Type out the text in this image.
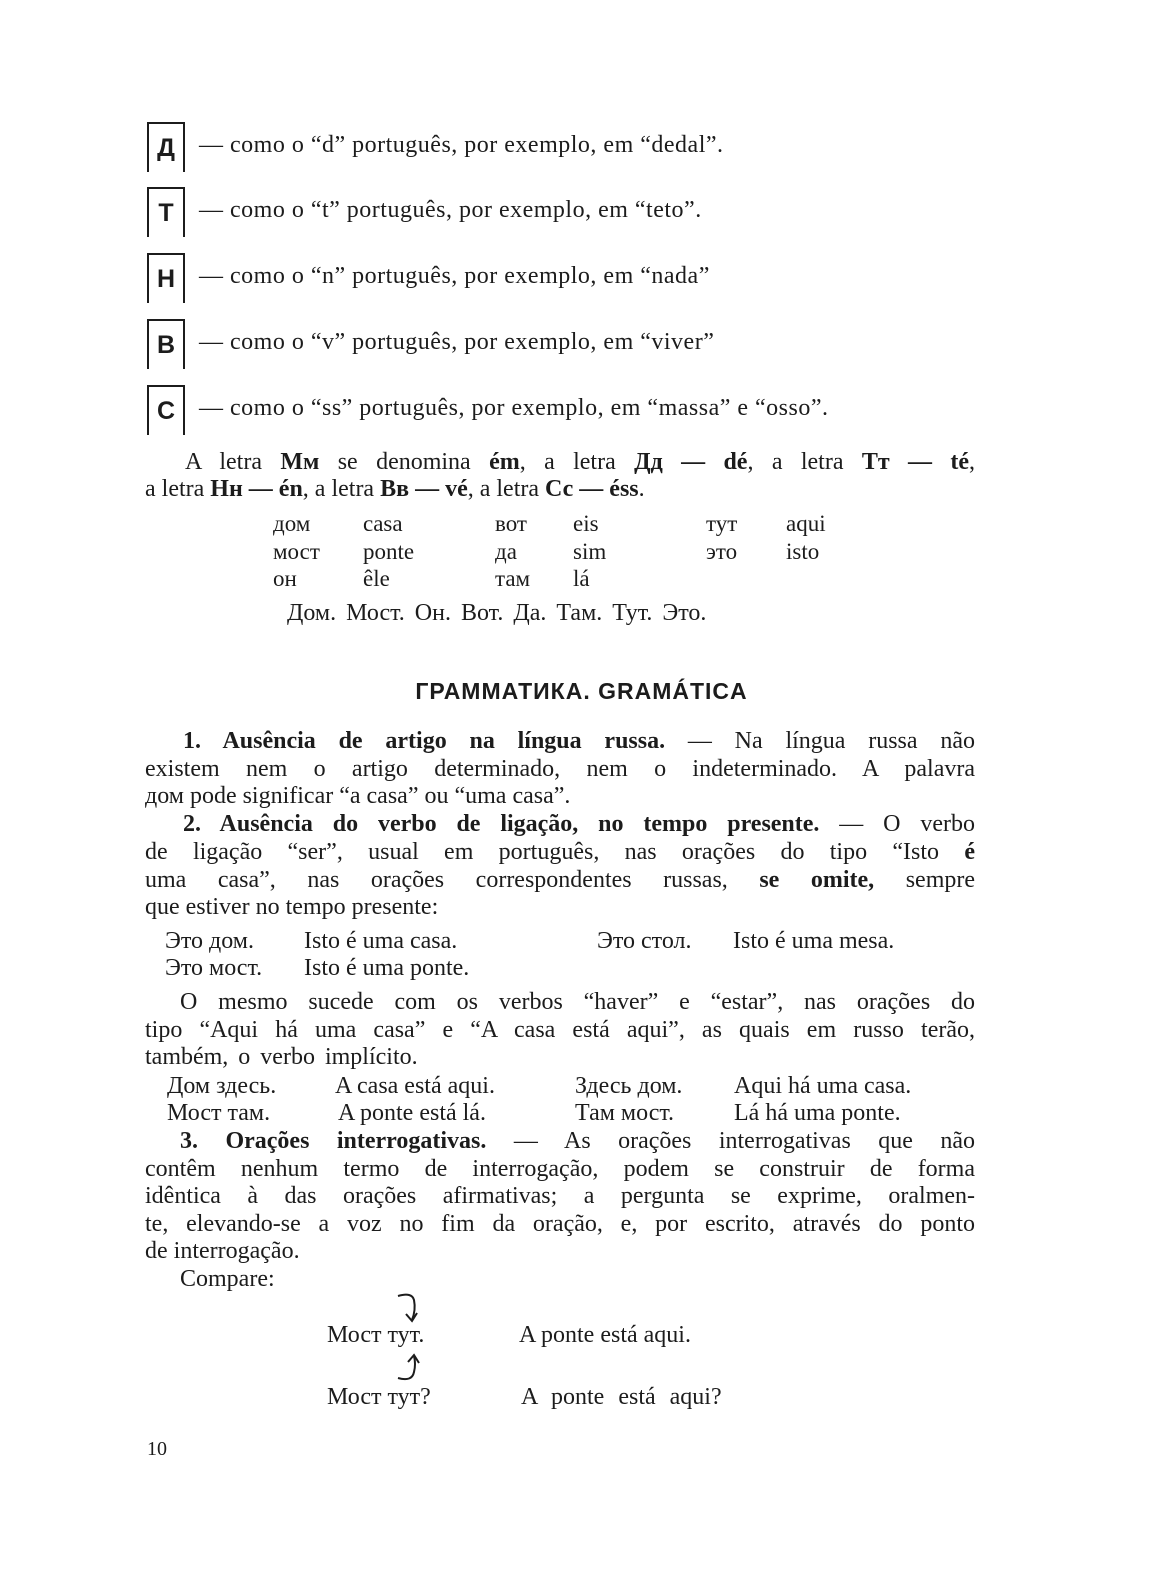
Д	— como o “d” português, por exemplo, em “dedal”.
Т	— como o “t” português, por exemplo, em “teto”.
Н — como o “n” português, por exemplo, em “nada”
В — como o “v” português, por exemplo, em “viver”
С — como o “ss” português, por exemplo, em “massa” e “osso”.
A letra Мм se denomina ém, a letra Дд — dé, a letra Тт — té,
a letra Нн — én, a letra Вв — vé, a letra Сс — éss.
дом casa	вот eis	тут aqui
мост ponte	да sim	это isto
он	êle	там lá
Дом. Мост. Он. Вот. Да. Там. Тут. Это.
ГРАММАТИКА. GRAMÁTICA
1. Ausência de artigo na língua russa. — Na língua russa não
existem nem o artigo determinado, nem o indeterminado. A palavra
дом pode significar “a casa” ou “uma casa”.
2. Ausência do verbo de ligação, no tempo presente. — O verbo
de ligação “ser”, usual em português, nas orações do tipo “Isto é
uma casa”, nas orações correspondentes russas, se omite, sempre
que estiver no tempo presente:
Это дом. Isto é uma casa.	Это стол. Isto é uma mesa.
Это мост. Isto é uma ponte.
O mesmo sucede com os verbos “haver” e “estar”, nas orações do
tipo “Aqui há uma casa” e “A casa está aqui”, as quais em russo terão,
também, o verbo implícito.
Дом здесь. A casa está aqui.	Здесь дом. Aqui há uma casa.
Мост там.	A ponte está lá.	Там мост. Lá há uma ponte.
3. Orações interrogativas. — As orações interrogativas que não
contêm nenhum termo de interrogação, podem se construir de forma
idêntica à das orações afirmativas; a pergunta se exprime, oralmen-
te, elevando-se a voz no fim da oração, e, por escrito, através do ponto
de interrogação.
Compare:
Мост тут.	A ponte está aqui.
Мост тут?	A ponte está aqui?
10
